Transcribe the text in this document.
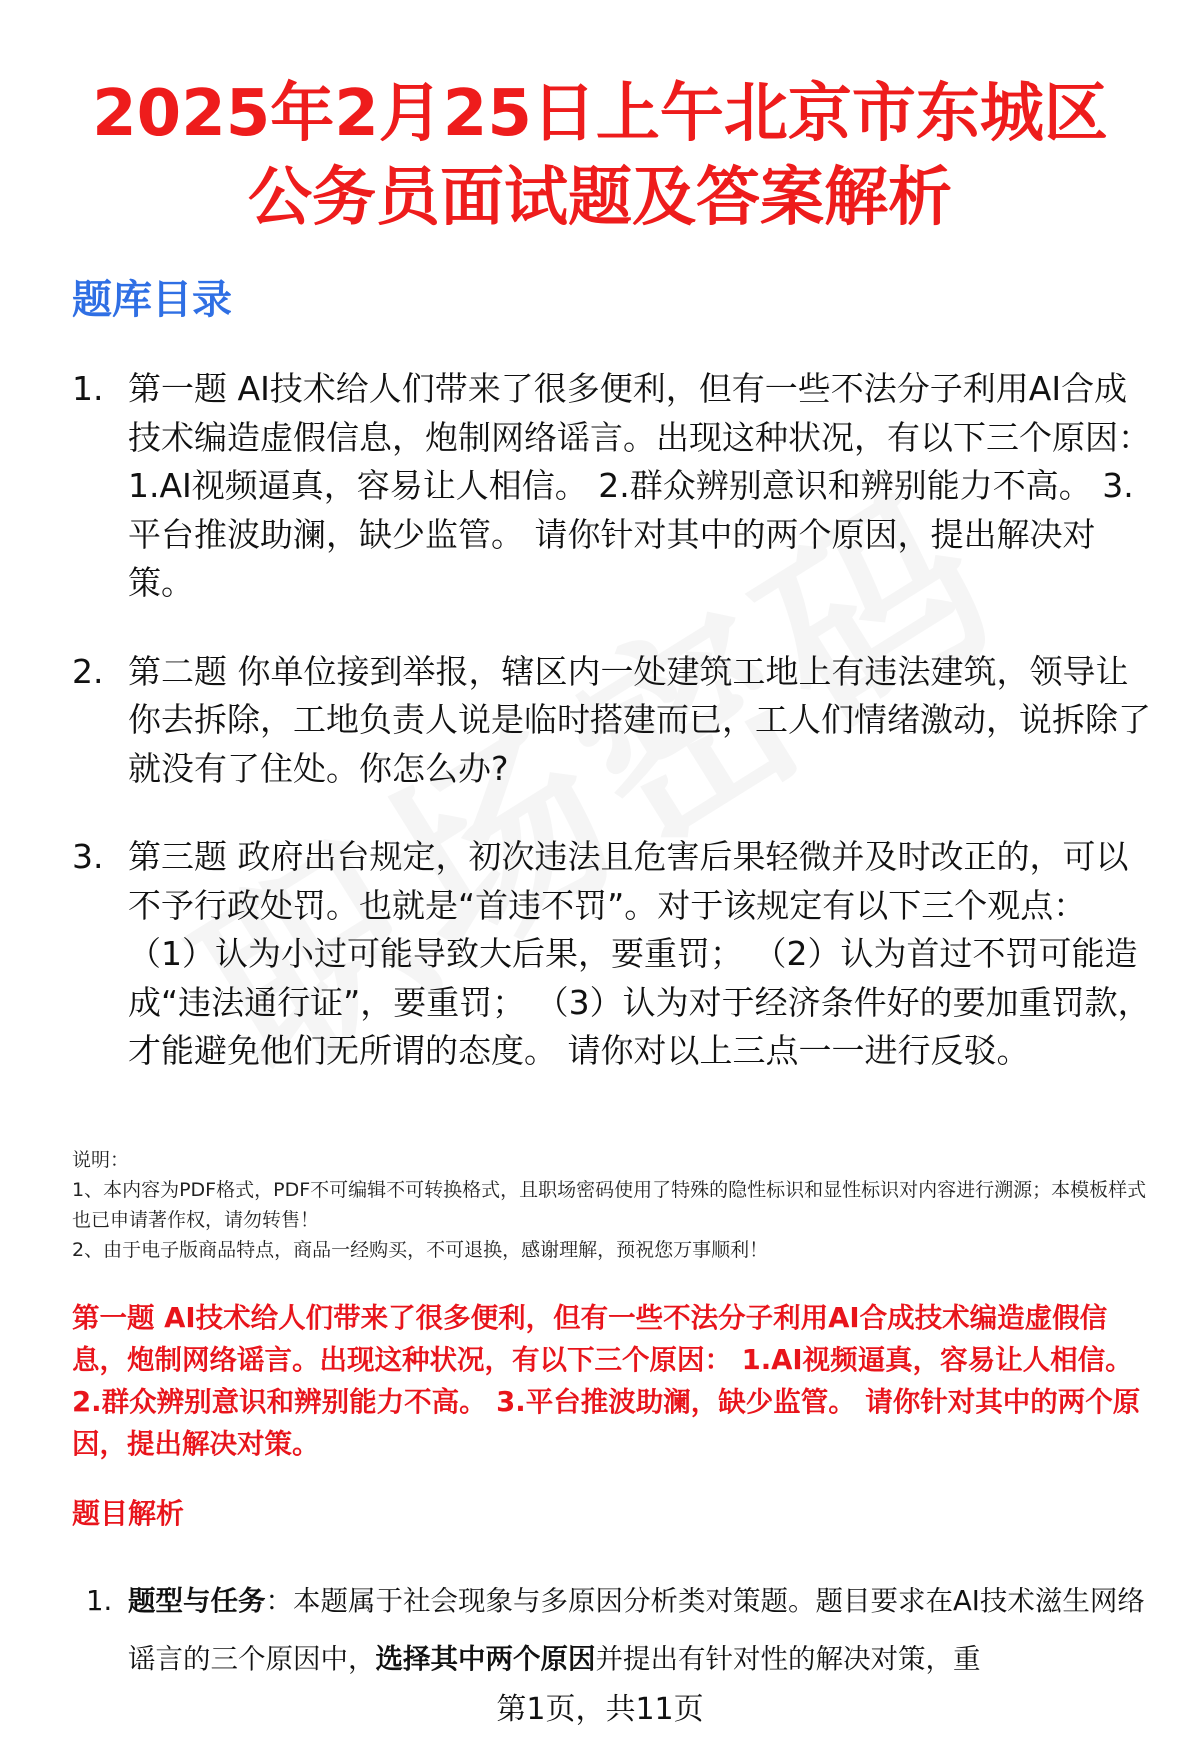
2025年2月25日上午北京市东城区
公务员面试题及答案解析
题库目录
1. 第一题 AI技术给人们带来了很多便利，但有一些不法分子利用AI合成技术编造虚假信息，炮制网络谣言。出现这种状况，有以下三个原因： 1.AI视频逼真，容易让人相信。 2.群众辨别意识和辨别能力不高。 3.平台推波助澜，缺少监管。 请你针对其中的两个原因，提出解决对策。
2. 第二题 你单位接到举报，辖区内一处建筑工地上有违法建筑，领导让你去拆除，工地负责人说是临时搭建而已，工人们情绪激动，说拆除了就没有了住处。你怎么办?
3. 第三题 政府出台规定，初次违法且危害后果轻微并及时改正的，可以不予行政处罚。也就是“首违不罚”。对于该规定有以下三个观点： （1）认为小过可能导致大后果，要重罚； （2）认为首过不罚可能造成“违法通行证”，要重罚； （3）认为对于经济条件好的要加重罚款，才能避免他们无所谓的态度。 请你对以上三点一一进行反驳。

说明：

1、本内容为PDF格式，PDF不可编辑不可转换格式，且职场密码使用了特殊的隐性标识和显性标识对内容进行溯源；本模板样式也已申请著作权，请勿转售！

2、由于电子版商品特点，商品一经购买，不可退换，感谢理解，预祝您万事顺利！

第一题 AI技术给人们带来了很多便利，但有一些不法分子利用AI合成技术编造虚假信息，炮制网络谣言。出现这种状况，有以下三个原因： 1.AI视频逼真，容易让人相信。 2.群众辨别意识和辨别能力不高。 3.平台推波助澜，缺少监管。 请你针对其中的两个原因，提出解决对策。

题目解析
1. 题型与任务：本题属于社会现象与多原因分析类对策题。题目要求在AI技术滋生网络谣言的三个原因中，选择其中两个原因并提出有针对性的解决对策，重
第1页，共11页
